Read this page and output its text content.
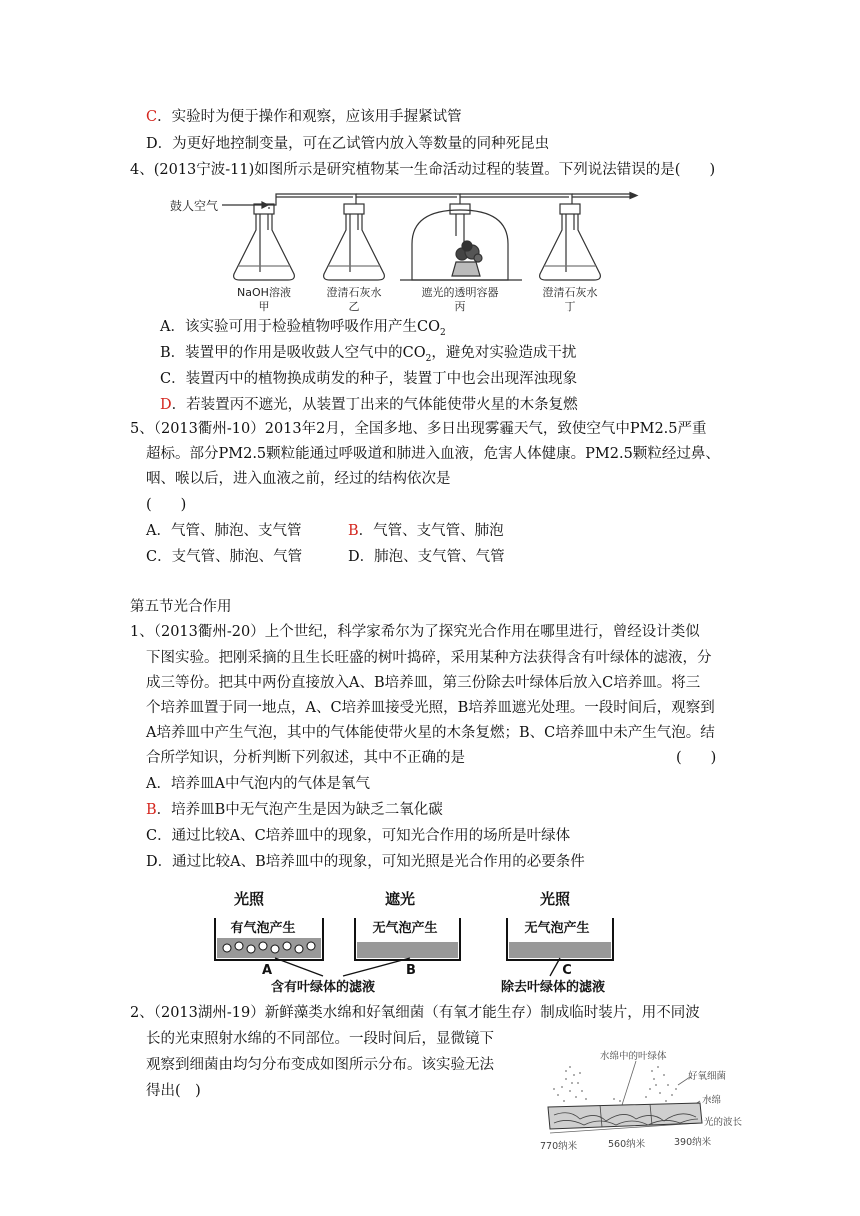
C．实验时为便于操作和观察，应该用手握紧试管
D．为更好地控制变量，可在乙试管内放入等数量的同种死昆虫
4、(2013宁波-11)如图所示是研究植物某一生命活动过程的装置。下列说法错误的是(　　)
鼓人空气
NaOH溶液
甲
澄清石灰水
乙
遮光的透明容器
丙
澄清石灰水
丁
A．该实验可用于检验植物呼吸作用产生$CO_2$
B．装置甲的作用是吸收鼓人空气中的$CO_2$，避免对实验造成干扰
C．装置丙中的植物换成萌发的种子，装置丁中也会出现浑浊现象
D．若装置丙不遮光，从装置丁出来的气体能使带火星的木条复燃
5、（2013衢州-10）2013年2月，全国多地、多日出现雾霾天气，致使空气中PM2.5严重
超标。部分PM2.5颗粒能通过呼吸道和肺进入血液，危害人体健康。PM2.5颗粒经过鼻、
咽、喉以后，进入血液之前，经过的结构依次是
(　　)
A．气管、肺泡、支气管	B．气管、支气管、肺泡
C．支气管、肺泡、气管	D．肺泡、支气管、气管
第五节光合作用
1、（2013衢州-20）上个世纪，科学家希尔为了探究光合作用在哪里进行，曾经设计类似
下图实验。把刚采摘的且生长旺盛的树叶捣碎，采用某种方法获得含有叶绿体的滤液，分
成三等份。把其中两份直接放入A、B培养皿，第三份除去叶绿体后放入C培养皿。将三
个培养皿置于同一地点，A、C培养皿接受光照，B培养皿遮光处理。一段时间后，观察到
A培养皿中产生气泡，其中的气体能使带火星的木条复燃；B、C培养皿中未产生气泡。结
合所学知识，分析判断下列叙述，其中不正确的是	(　　)
A．培养皿A中气泡内的气体是氧气
B．培养皿B中无气泡产生是因为缺乏二氧化碳
C．通过比较A、C培养皿中的现象，可知光合作用的场所是叶绿体
D．通过比较A、B培养皿中的现象，可知光照是光合作用的必要条件
光照	遮光	光照
有气泡产生	无气泡产生	无气泡产生
A	B	C
含有叶绿体的滤液	除去叶绿体的滤液
2、（2013湖州-19）新鲜藻类水绵和好氧细菌（有氧才能生存）制成临时装片，用不同波
长的光束照射水绵的不同部位。一段时间后，显微镜下
观察到细菌由均匀分布变成如图所示分布。该实验无法
得出(　)
水绵中的叶绿体
好氧细菌
水绵
光的波长
770纳米	560纳米	390纳米
